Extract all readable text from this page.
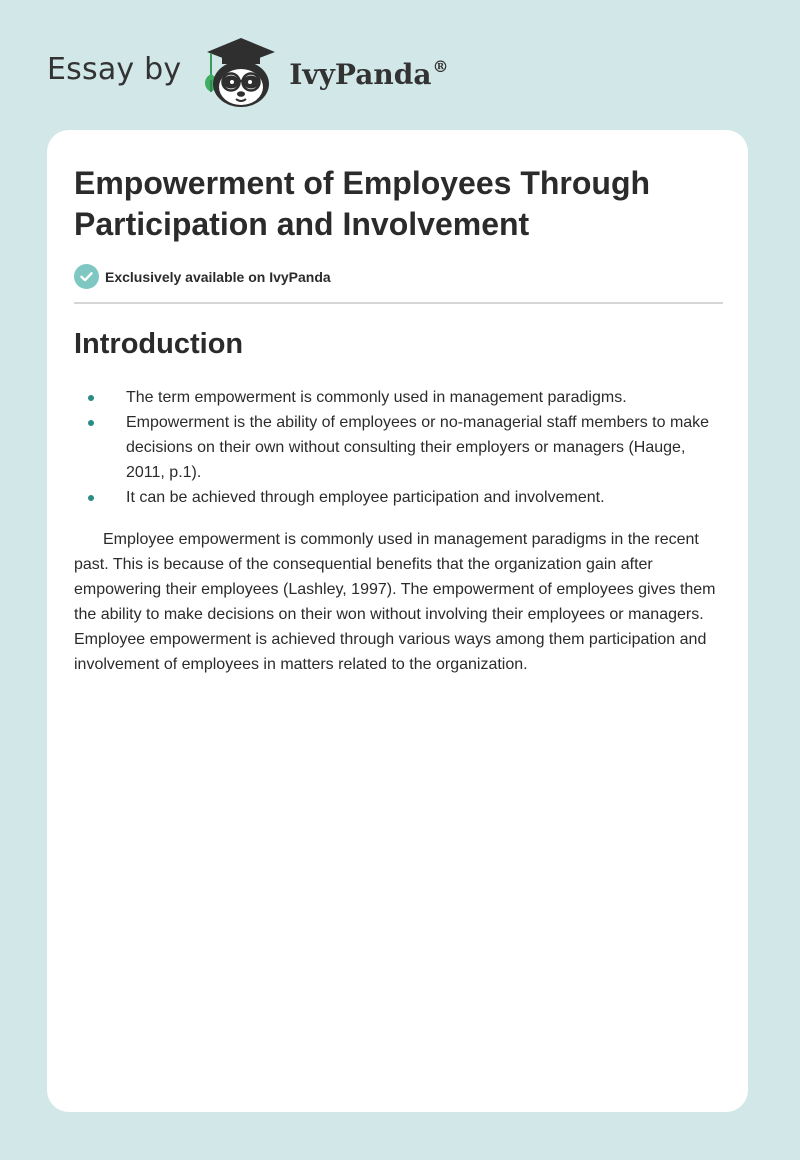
Essay by	IvyPanda®
Empowerment of Employees Through Participation and Involvement
Exclusively available on IvyPanda
Introduction
The term empowerment is commonly used in management paradigms.
Empowerment is the ability of employees or no-managerial staff members to make decisions on their own without consulting their employers or managers (Hauge, 2011, p.1).
It can be achieved through employee participation and involvement.

Employee empowerment is commonly used in management paradigms in the recent past. This is because of the consequential benefits that the organization gain after empowering their employees (Lashley, 1997). The empowerment of employees gives them the ability to make decisions on their won without involving their employees or managers. Employee empowerment is achieved through various ways among them participation and involvement of employees in matters related to the organization.
